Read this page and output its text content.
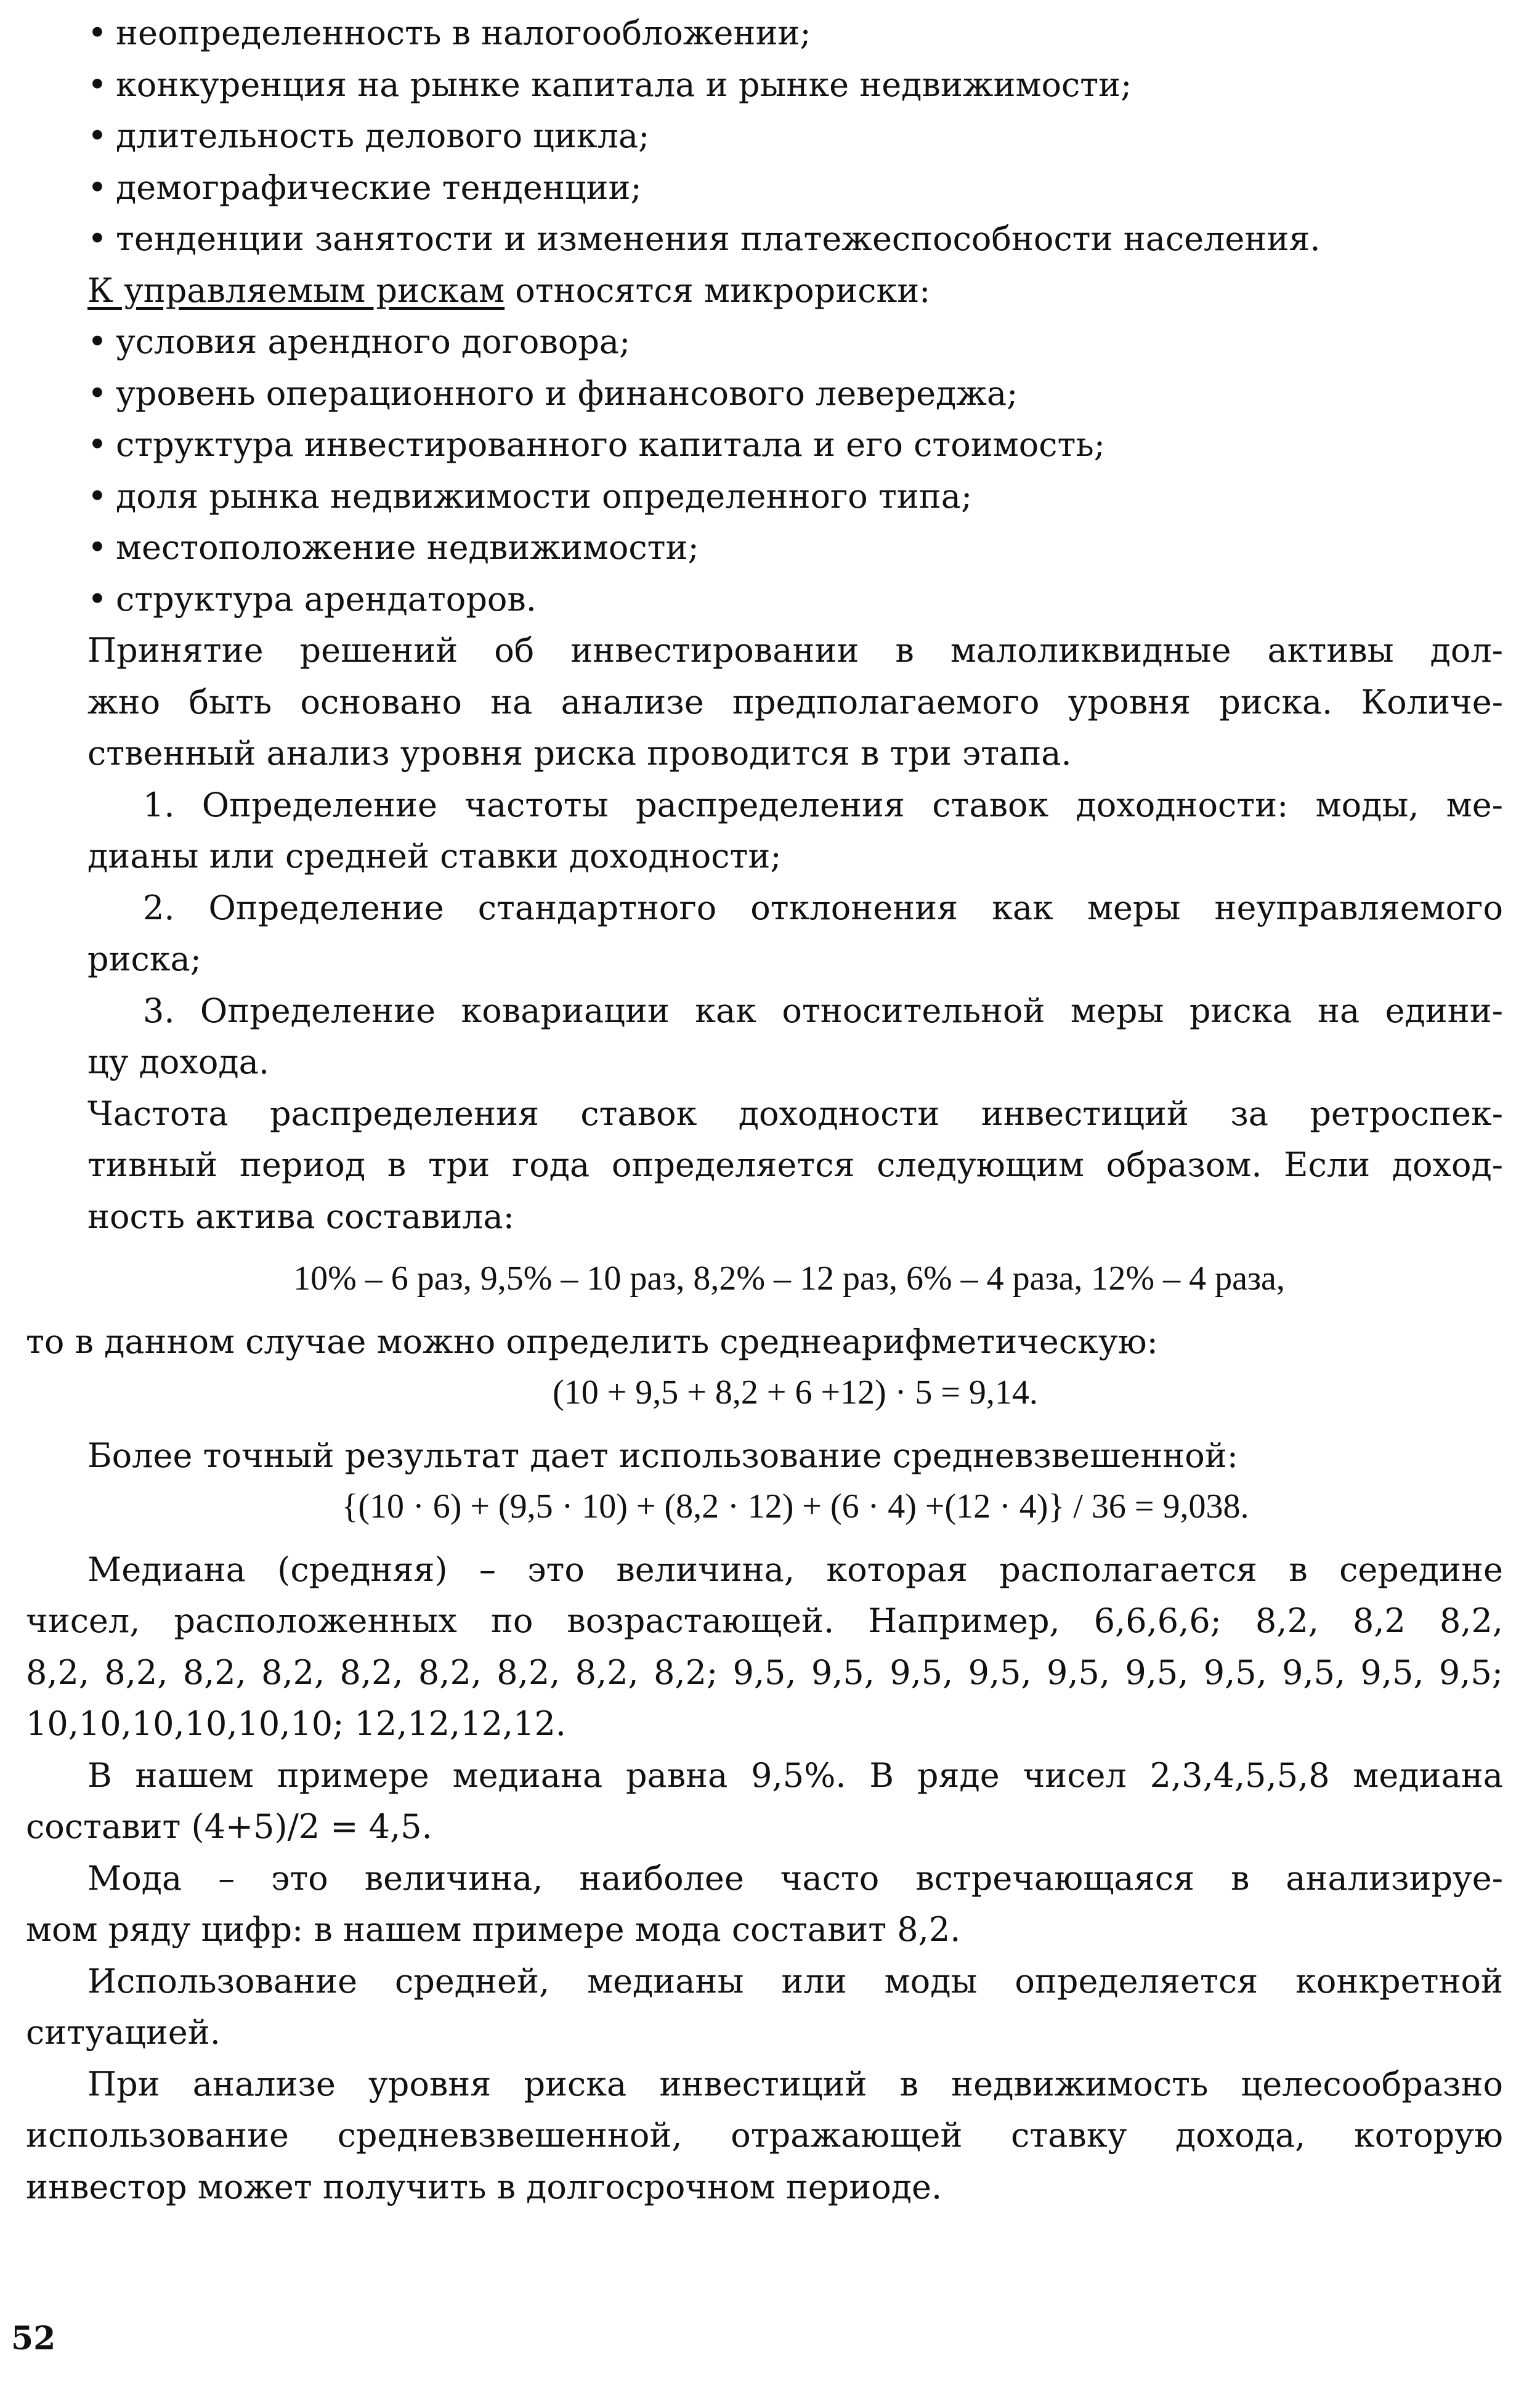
• неопределенность в налогообложении;
• конкуренция на рынке капитала и рынке недвижимости;
• длительность делового цикла;
• демографические тенденции;
• тенденции занятости и изменения платежеспособности населения.
К управляемым рискам относятся микрориски:
• условия арендного договора;
• уровень операционного и финансового левереджа;
• структура инвестированного капитала и его стоимость;
• доля рынка недвижимости определенного типа;
• местоположение недвижимости;
• структура арендаторов.
Принятие решений об инвестировании в малоликвидные активы дол-
жно быть основано на анализе предполагаемого уровня риска. Количе-
ственный анализ уровня риска проводится в три этапа.
1. Определение частоты распределения ставок доходности: моды, ме-
дианы или средней ставки доходности;
2. Определение стандартного отклонения как меры неуправляемого
риска;
3. Определение ковариации как относительной меры риска на едини-
цу дохода.
Частота распределения ставок доходности инвестиций за ретроспек-
тивный период в три года определяется следующим образом. Если доход-
ность актива составила:
10% – 6 раз, 9,5% – 10 раз, 8,2% – 12 раз, 6% – 4 раза, 12% – 4 раза,
то в данном случае можно определить среднеарифметическую:
(10 + 9,5 + 8,2 + 6 +12) · 5 = 9,14.
Более точный результат дает использование средневзвешенной:
{(10 · 6) + (9,5 · 10) + (8,2 · 12) + (6 · 4) +(12 · 4)} / 36 = 9,038.
Медиана (средняя) – это величина, которая располагается в середине
чисел, расположенных по возрастающей. Например, 6,6,6,6; 8,2, 8,2 8,2,
8,2, 8,2, 8,2, 8,2, 8,2, 8,2, 8,2, 8,2, 8,2; 9,5, 9,5, 9,5, 9,5, 9,5, 9,5, 9,5, 9,5, 9,5, 9,5;
10,10,10,10,10,10; 12,12,12,12.
В нашем примере медиана равна 9,5%. В ряде чисел 2,3,4,5,5,8 медиана
составит (4+5)/2 = 4,5.
Мода – это величина, наиболее часто встречающаяся в анализируе-
мом ряду цифр: в нашем примере мода составит 8,2.
Использование средней, медианы или моды определяется конкретной
ситуацией.
При анализе уровня риска инвестиций в недвижимость целесообразно
использование средневзвешенной, отражающей ставку дохода, которую
инвестор может получить в долгосрочном периоде.
52
